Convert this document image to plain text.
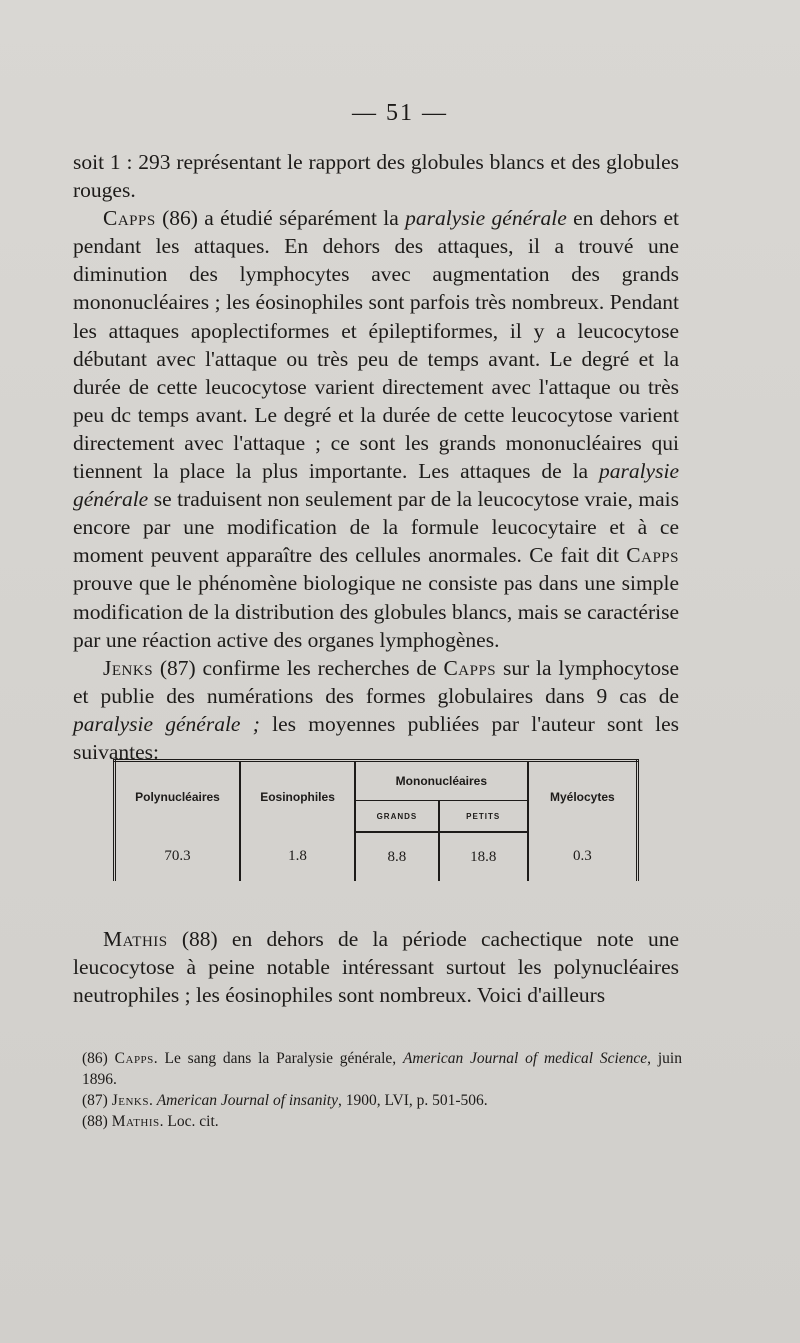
— 51 —

soit 1 : 293 représentant le rapport des globules blancs et des globules rouges.

Capps (86) a étudié séparément la paralysie générale en dehors et pendant les attaques. En dehors des attaques, il a trouvé une diminution des lymphocytes avec augmentation des grands mononucléaires ; les éosinophiles sont parfois très nombreux. Pendant les attaques apoplectiformes et épileptiformes, il y a leucocytose débutant avec l'attaque ou très peu de temps avant. Le degré et la durée de cette leucocytose varient directement avec l'attaque ou très peu dc temps avant. Le degré et la durée de cette leucocytose varient directement avec l'attaque ; ce sont les grands mononucléaires qui tiennent la place la plus importante. Les attaques de la paralysie générale se traduisent non seulement par de la leucocytose vraie, mais encore par une modification de la formule leucocytaire et à ce moment peuvent apparaître des cellules anormales. Ce fait dit Capps prouve que le phénomène biologique ne consiste pas dans une simple modification de la distribution des globules blancs, mais se caractérise par une réaction active des organes lymphogènes.

Jenks (87) confirme les recherches de Capps sur la lymphocytose et publie des numérations des formes globulaires dans 9 cas de paralysie générale ; les moyennes publiées par l'auteur sont les suivantes:

Polynucléaires	Eosinophiles	Mononucléaires		Myélocytes
		GRANDS	PETITS	
70.3	1.8	8.8	18.8	0.3

Mathis (88) en dehors de la période cachectique note une leucocytose à peine notable intéressant surtout les polynucléaires neutrophiles ; les éosinophiles sont nombreux. Voici d'ailleurs

(86) Capps. Le sang dans la Paralysie générale, American Journal of medical Science, juin 1896.

(87) Jenks. American Journal of insanity, 1900, LVI, p. 501-506.

(88) Mathis. Loc. cit.
